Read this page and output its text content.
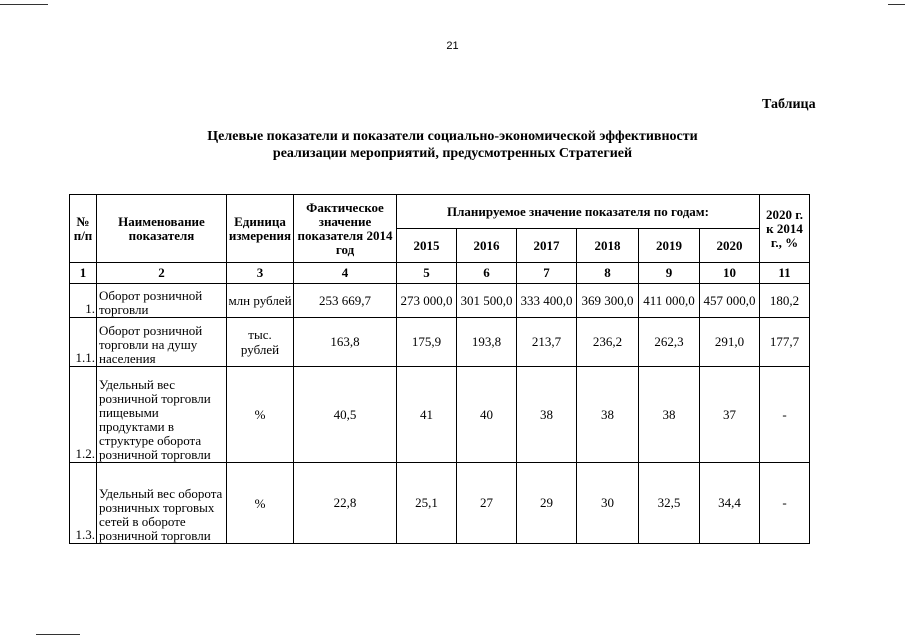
21
Таблица
Целевые показатели и показатели социально-экономической эффективности
реализации мероприятий, предусмотренных Стратегией
№ п/п	Наименование показателя	Единица измерения	Фактическое значение показателя 2014 год	Планируемое значение показателя по годам:						2020 г. к 2014 г., %
				2015	2016	2017	2018	2019	2020	
1	2	3	4	5	6	7	8	9	10	11
1.	Оборот розничной торговли	млн рублей	253 669,7	273 000,0	301 500,0	333 400,0	369 300,0	411 000,0	457 000,0	180,2
1.1.	Оборот розничной торговли на душу населения	тыс. рублей	163,8	175,9	193,8	213,7	236,2	262,3	291,0	177,7
1.2.	Удельный вес розничной торговли пищевыми продуктами в структуре оборота розничной торговли	%	40,5	41	40	38	38	38	37	-
1.3.	Удельный вес оборота розничных торговых сетей в обороте розничной торговли	%	22,8	25,1	27	29	30	32,5	34,4	-
